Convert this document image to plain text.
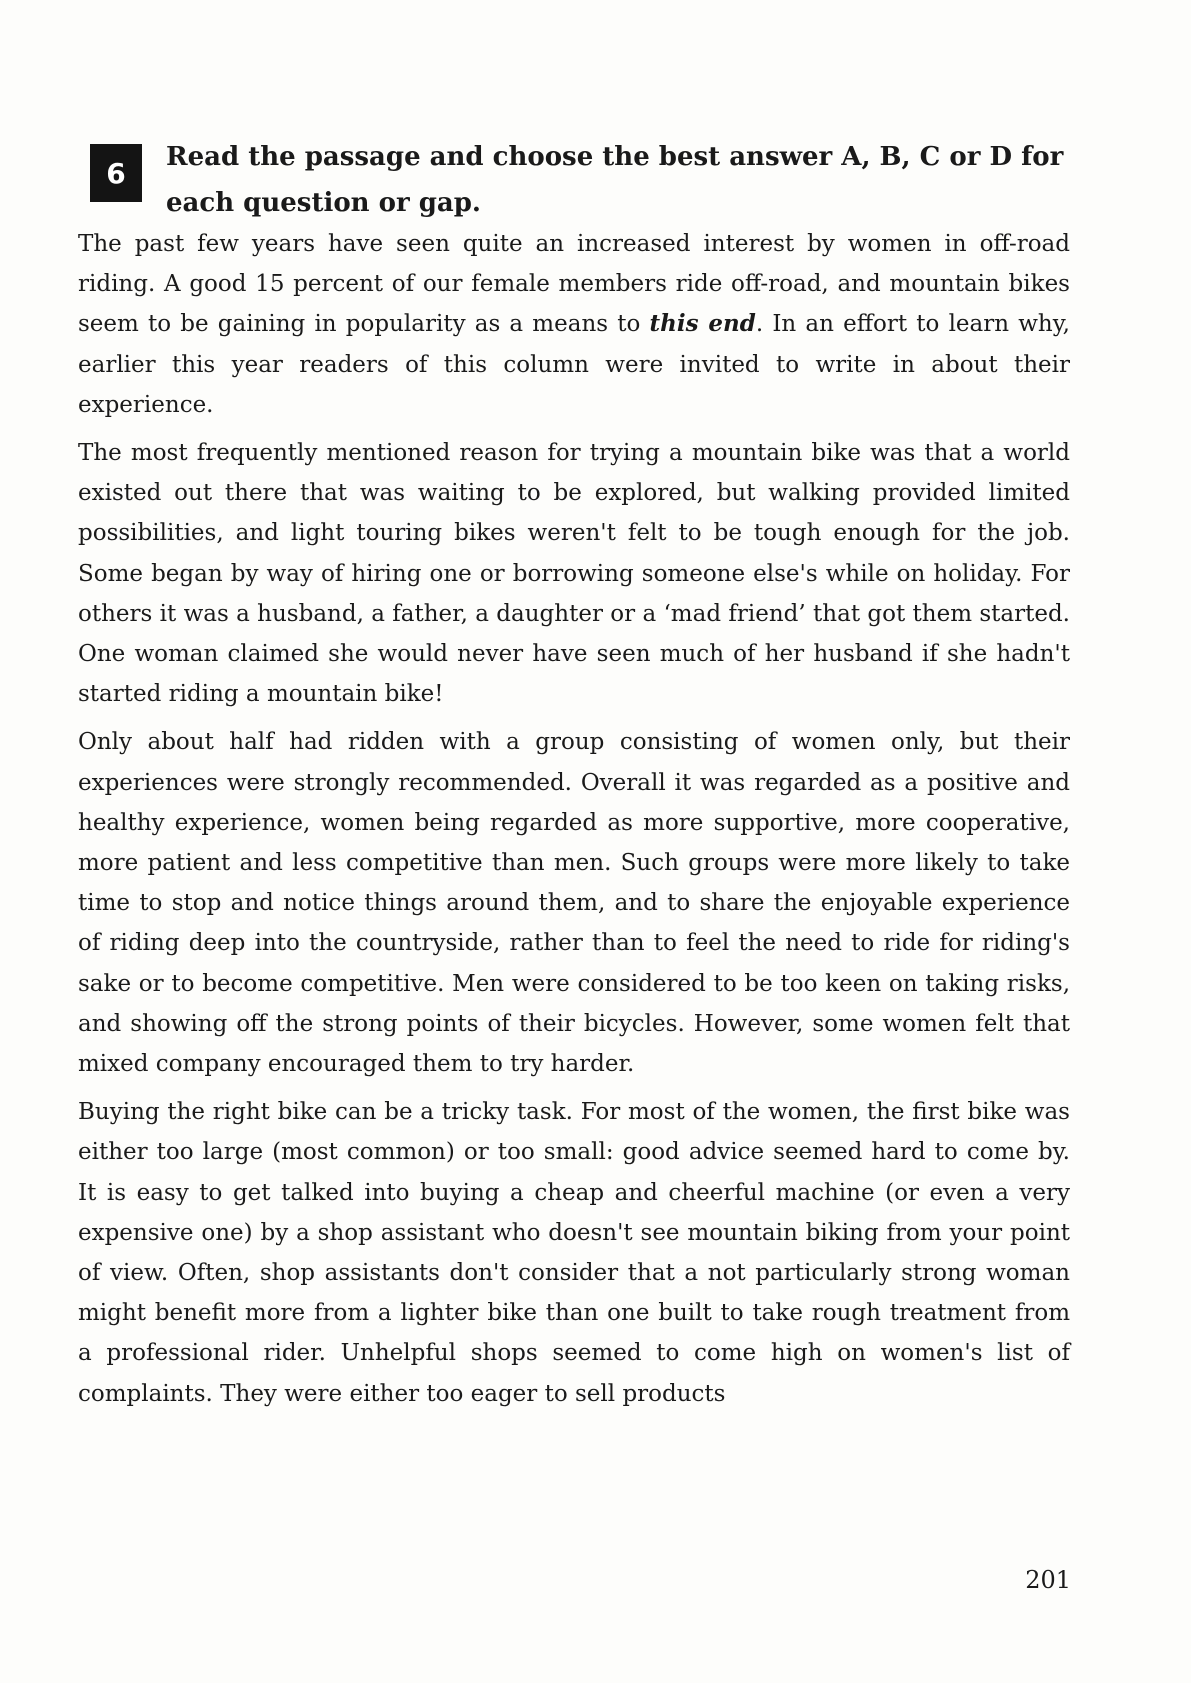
6	Read the passage and choose the best answer A, B, C or D for each question or gap.

The past few years have seen quite an increased interest by women in off-road riding. A good 15 percent of our female members ride off-road, and mountain bikes seem to be gaining in popularity as a means to this end. In an effort to learn why, earlier this year readers of this column were invited to write in about their experience.

The most frequently mentioned reason for trying a mountain bike was that a world existed out there that was waiting to be explored, but walking provided limited possibilities, and light touring bikes weren't felt to be tough enough for the job. Some began by way of hiring one or borrowing someone else's while on holiday. For others it was a husband, a father, a daughter or a ‘mad friend’ that got them started. One woman claimed she would never have seen much of her husband if she hadn't started riding a mountain bike!

Only about half had ridden with a group consisting of women only, but their experiences were strongly recommended. Overall it was regarded as a positive and healthy experience, women being regarded as more supportive, more cooperative, more patient and less competitive than men. Such groups were more likely to take time to stop and notice things around them, and to share the enjoyable experience of riding deep into the countryside, rather than to feel the need to ride for riding's sake or to become competitive. Men were considered to be too keen on taking risks, and showing off the strong points of their bicycles. However, some women felt that mixed company encouraged them to try harder.

Buying the right bike can be a tricky task. For most of the women, the first bike was either too large (most common) or too small: good advice seemed hard to come by. It is easy to get talked into buying a cheap and cheerful machine (or even a very expensive one) by a shop assistant who doesn't see mountain biking from your point of view. Often, shop assistants don't consider that a not particularly strong woman might benefit more from a lighter bike than one built to take rough treatment from a professional rider. Unhelpful shops seemed to come high on women's list of complaints. They were either too eager to sell products

201
